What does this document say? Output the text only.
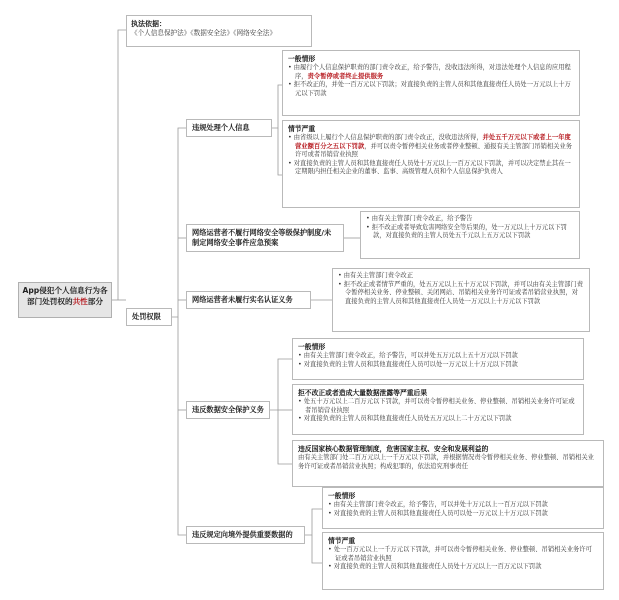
App侵犯个人信息行为各部门处罚权的共性部分
执法依据：
《个人信息保护法》《数据安全法》《网络安全法》
处罚权限
违规处理个人信息
网络运营者不履行网络安全等级保护制度/未制定网络安全事件应急预案
网络运营者未履行实名认证义务
违反数据安全保护义务
违反规定向境外提供重要数据的
一般情形

• 由履行个人信息保护职责的部门责令改正，给予警告，没收违法所得，对违法处理个人信息的应用程序，责令暂停或者终止提供服务

• 拒不改正的，并处一百万元以下罚款；对直接负责的主管人员和其他直接责任人员处一万元以上十万元以下罚款

情节严重

• 由省级以上履行个人信息保护职责的部门责令改正，没收违法所得，并处五千万元以下或者上一年度营业额百分之五以下罚款，并可以责令暂停相关业务或者停业整顿、通报有关主管部门吊销相关业务许可或者吊销营业执照

• 对直接负责的主管人员和其他直接责任人员处十万元以上一百万元以下罚款，并可以决定禁止其在一定期限内担任相关企业的董事、监事、高级管理人员和个人信息保护负责人

• 由有关主管部门责令改正，给予警告

• 拒不改正或者导致危害网络安全等后果的，处一万元以上十万元以下罚款，对直接负责的主管人员处五千元以上五万元以下罚款

• 由有关主管部门责令改正

• 拒不改正或者情节严重的，处五万元以上五十万元以下罚款，并可以由有关主管部门责令暂停相关业务、停业整顿、关闭网站、吊销相关业务许可证或者吊销营业执照，对直接负责的主管人员和其他直接责任人员处一万元以上十万元以下罚款

一般情形

• 由有关主管部门责令改正，给予警告，可以并处五万元以上五十万元以下罚款

• 对直接负责的主管人员和其他直接责任人员可以处一万元以上十万元以下罚款

拒不改正或者造成大量数据泄露等严重后果

• 处五十万元以上二百万元以下罚款，并可以责令暂停相关业务、停业整顿、吊销相关业务许可证或者吊销营业执照

• 对直接负责的主管人员和其他直接责任人员处五万元以上二十万元以下罚款

违反国家核心数据管理制度，危害国家主权、安全和发展利益的
由有关主管部门处二百万元以上一千万元以下罚款，并根据情况责令暂停相关业务、停业整顿、吊销相关业务许可证或者吊销营业执照；构成犯罪的，依法追究刑事责任
一般情形

• 由有关主管部门责令改正，给予警告，可以并处十万元以上一百万元以下罚款

• 对直接负责的主管人员和其他直接责任人员可以处一万元以上十万元以下罚款

情节严重

• 处一百万元以上一千万元以下罚款，并可以责令暂停相关业务、停业整顿、吊销相关业务许可证或者吊销营业执照

• 对直接负责的主管人员和其他直接责任人员处十万元以上一百万元以下罚款
